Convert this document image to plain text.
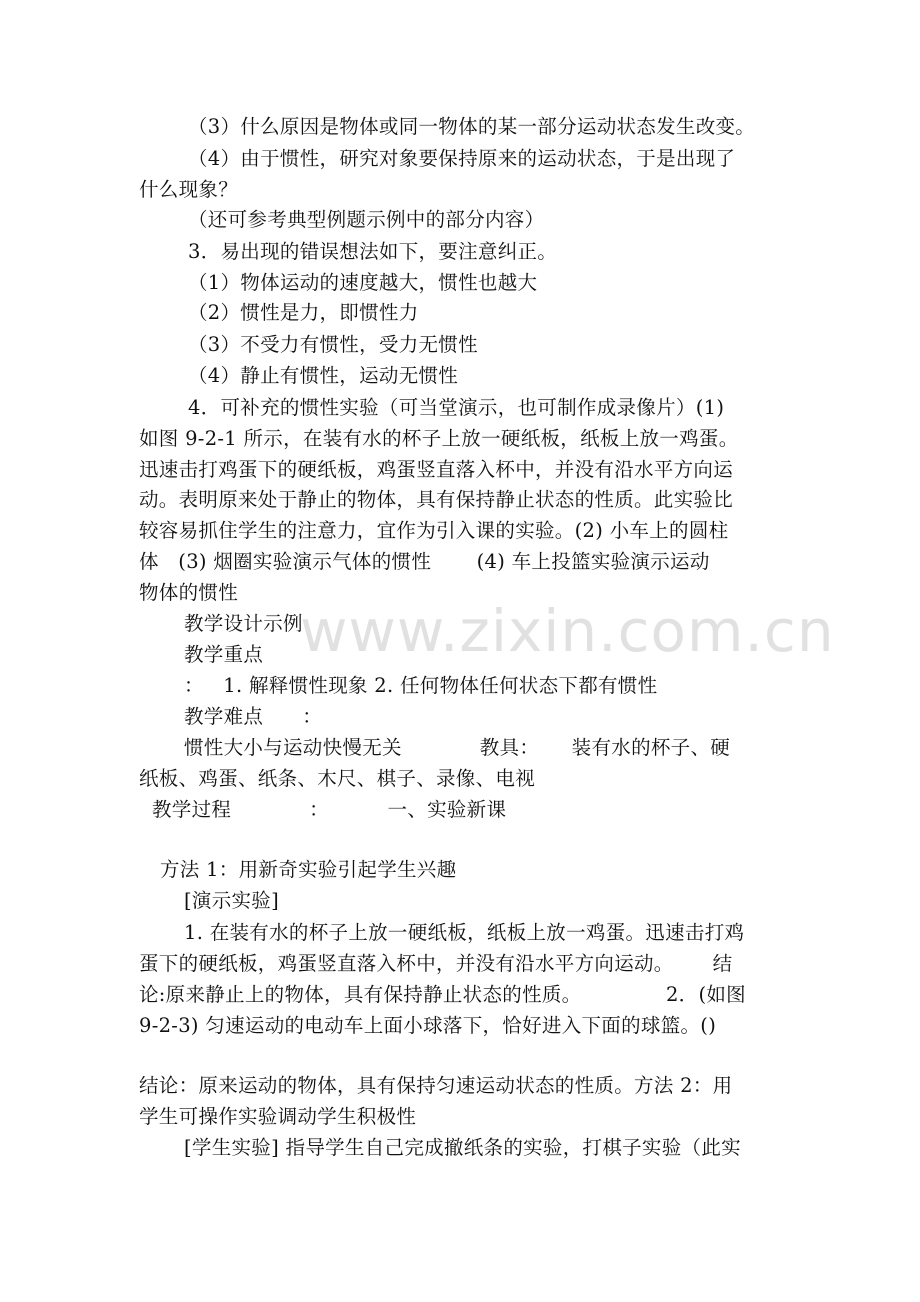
www.zixin.com.cn
（3）什么原因是物体或同一物体的某一部分运动状态发生改变。
（4）由于惯性，研究对象要保持原来的运动状态，于是出现了
什么现象？
（还可参考典型例题示例中的部分内容）
3．易出现的错误想法如下，要注意纠正。
（1）物体运动的速度越大，惯性也越大
（2）惯性是力，即惯性力
（3）不受力有惯性，受力无惯性
（4）静止有惯性，运动无惯性
4．可补充的惯性实验（可当堂演示，也可制作成录像片）(1)
如图 9-2-1 所示，在装有水的杯子上放一硬纸板，纸板上放一鸡蛋。
迅速击打鸡蛋下的硬纸板，鸡蛋竖直落入杯中，并没有沿水平方向运
动。表明原来处于静止的物体，具有保持静止状态的性质。此实验比
较容易抓住学生的注意力，宜作为引入课的实验。(2) 小车上的圆柱
体   (3) 烟圈实验演示气体的惯性       (4) 车上投篮实验演示运动
物体的惯性
教学设计示例
教学重点
：   1. 解释惯性现象 2. 任何物体任何状态下都有惯性
教学难点      ：
惯性大小与运动快慢无关            教具：     装有水的杯子、硬
纸板、鸡蛋、纸条、木尺、棋子、录像、电视
教学过程            ：         一、实验新课
方法 1：用新奇实验引起学生兴趣
[演示实验]
1. 在装有水的杯子上放一硬纸板，纸板上放一鸡蛋。迅速击打鸡
蛋下的硬纸板，鸡蛋竖直落入杯中，并没有沿水平方向运动。      结
论:原来静止上的物体，具有保持静止状态的性质。             2．(如图
9-2-3) 匀速运动的电动车上面小球落下，恰好进入下面的球篮。()
结论：原来运动的物体，具有保持匀速运动状态的性质。方法 2：用
学生可操作实验调动学生积极性
[学生实验] 指导学生自己完成撤纸条的实验，打棋子实验（此实
